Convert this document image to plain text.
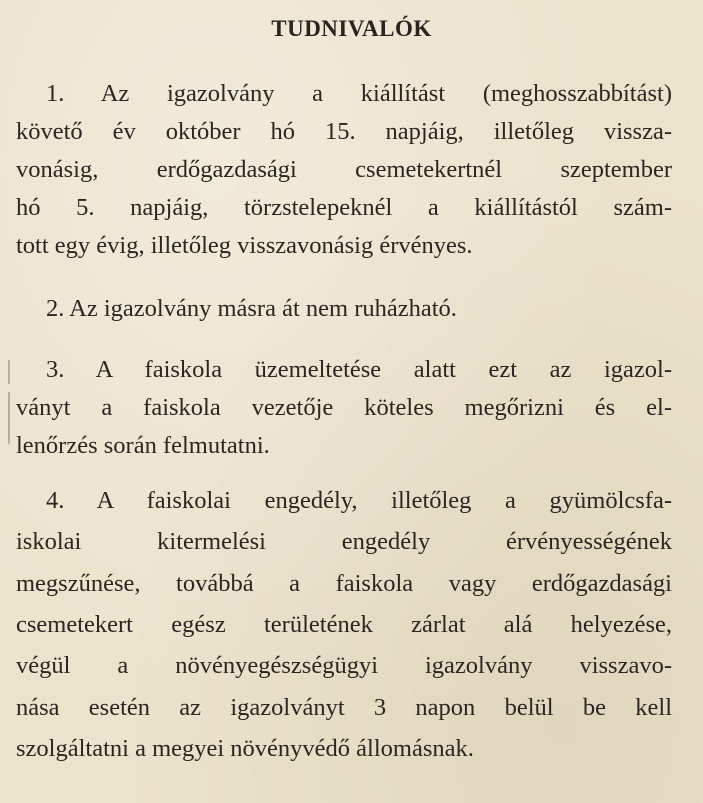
TUDNIVALÓK
1. Az igazolvány a kiállítást (meghosszabbítást)
követő év október hó 15. napjáig, illetőleg vissza-
vonásig, erdőgazdasági csemetekertnél szeptember
hó 5. napjáig, törzstelepeknél a kiállítástól szám-
tott egy évig, illetőleg visszavonásig érvényes.
2. Az igazolvány másra át nem ruházható.
3. A faiskola üzemeltetése alatt ezt az igazol-
ványt a faiskola vezetője köteles megőrizni és el-
lenőrzés során felmutatni.
4. A faiskolai engedély, illetőleg a gyümölcsfa-
iskolai kitermelési engedély érvényességének
megszűnése, továbbá a faiskola vagy erdőgazdasági
csemetekert egész területének zárlat alá helyezése,
végül a növényegészségügyi igazolvány visszavo-
nása esetén az igazolványt 3 napon belül be kell
szolgáltatni a megyei növényvédő állomásnak.
